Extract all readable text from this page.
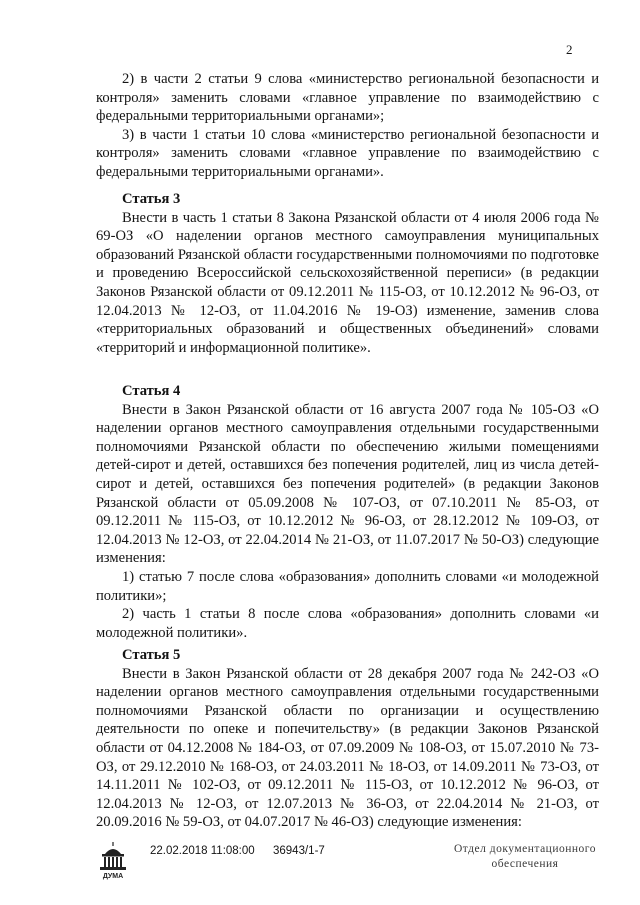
2

2) в части 2 статьи 9 слова «министерство региональной безопасности и контроля» заменить словами «главное управление по взаимодействию с федеральными территориальными органами»;

3) в части 1 статьи 10 слова «министерство региональной безопасности и контроля» заменить словами «главное управление по взаимодействию с федеральными территориальными органами».

Статья 3

Внести в часть 1 статьи 8 Закона Рязанской области от 4 июля 2006 года № 69-ОЗ «О наделении органов местного самоуправления муниципальных образований Рязанской области государственными полномочиями по подготовке и проведению Всероссийской сельскохозяйственной переписи» (в редакции Законов Рязанской области от 09.12.2011 № 115-ОЗ, от 10.12.2012 № 96-ОЗ, от 12.04.2013 № 12-ОЗ, от 11.04.2016 № 19-ОЗ) изменение, заменив слова «территориальных образований и общественных объединений» словами «территорий и информационной политике».

Статья 4

Внести в Закон Рязанской области от 16 августа 2007 года № 105-ОЗ «О наделении органов местного самоуправления отдельными государственными полномочиями Рязанской области по обеспечению жилыми помещениями детей-сирот и детей, оставшихся без попечения родителей, лиц из числа детей-сирот и детей, оставшихся без попечения родителей» (в редакции Законов Рязанской области от 05.09.2008 № 107-ОЗ, от 07.10.2011 № 85-ОЗ, от 09.12.2011 № 115-ОЗ, от 10.12.2012 № 96-ОЗ, от 28.12.2012 № 109-ОЗ, от 12.04.2013 № 12-ОЗ, от 22.04.2014 № 21-ОЗ, от 11.07.2017 № 50-ОЗ) следующие изменения:

1) статью 7 после слова «образования» дополнить словами «и молодежной политики»;

2) часть 1 статьи 8 после слова «образования» дополнить словами «и молодежной политики».

Статья 5

Внести в Закон Рязанской области от 28 декабря 2007 года № 242-ОЗ «О наделении органов местного самоуправления отдельными государственными полномочиями Рязанской области по организации и осуществлению деятельности по опеке и попечительству» (в редакции Законов Рязанской области от 04.12.2008 № 184-ОЗ, от 07.09.2009 № 108-ОЗ, от 15.07.2010 № 73-ОЗ, от 29.12.2010 № 168-ОЗ, от 24.03.2011 № 18-ОЗ, от 14.09.2011 № 73-ОЗ, от 14.11.2011 № 102-ОЗ, от 09.12.2011 № 115-ОЗ, от 10.12.2012 № 96-ОЗ, от 12.04.2013 № 12-ОЗ, от 12.07.2013 № 36-ОЗ, от 22.04.2014 № 21-ОЗ, от 20.09.2016 № 59-ОЗ, от 04.07.2017 № 46-ОЗ) следующие изменения:

ДУМА
22.02.2018 11:08:00 36943/1-7	Отдел документационного
обеспечения
